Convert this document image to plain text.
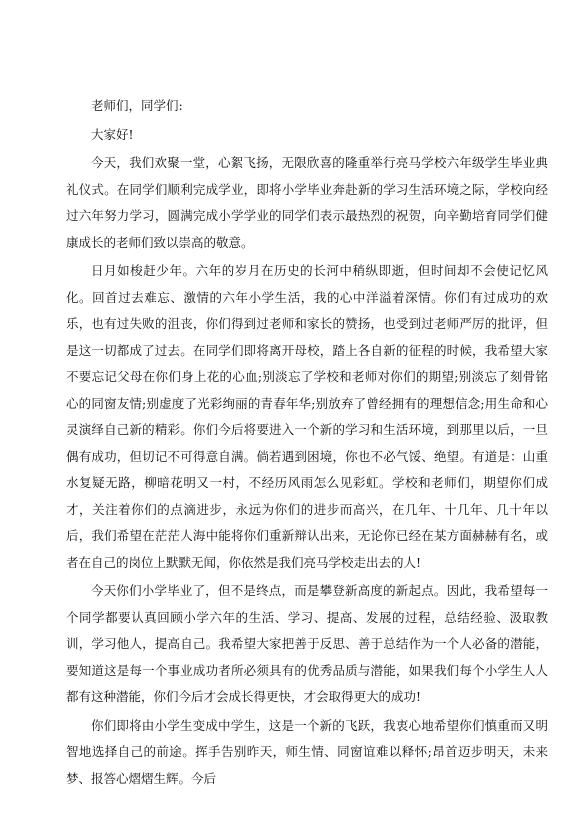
老师们，同学们:

大家好!

今天，我们欢聚一堂，心絮飞扬，无限欣喜的隆重举行亮马学校六年级学生毕业典礼仪式。在同学们顺利完成学业，即将小学毕业奔赴新的学习生活环境之际，学校向经过六年努力学习，圆满完成小学学业的同学们表示最热烈的祝贺，向辛勤培育同学们健康成长的老师们致以崇高的敬意。

日月如梭赶少年。六年的岁月在历史的长河中稍纵即逝，但时间却不会使记忆风化。回首过去难忘、激情的六年小学生活，我的心中洋溢着深情。你们有过成功的欢乐，也有过失败的沮丧，你们得到过老师和家长的赞扬，也受到过老师严厉的批评，但是这一切都成了过去。在同学们即将离开母校，踏上各自新的征程的时候，我希望大家不要忘记父母在你们身上花的心血;别淡忘了学校和老师对你们的期望;别淡忘了刻骨铭心的同窗友情;别虚度了光彩绚丽的青春年华;别放弃了曾经拥有的理想信念;用生命和心灵演绎自己新的精彩。你们今后将要进入一个新的学习和生活环境，到那里以后，一旦偶有成功，但切记不可得意自满。倘若遇到困境，你也不必气馁、绝望。有道是：山重水复疑无路，柳暗花明又一村，不经历风雨怎么见彩虹。学校和老师们，期望你们成才，关注着你们的点滴进步，永远为你们的进步而高兴，在几年、十几年、几十年以后，我们希望在茫茫人海中能将你们重新辩认出来，无论你已经在某方面赫赫有名，或者在自己的岗位上默默无闻，你依然是我们亮马学校走出去的人!

今天你们小学毕业了，但不是终点，而是攀登新高度的新起点。因此，我希望每一个同学都要认真回顾小学六年的生活、学习、提高、发展的过程，总结经验、汲取教训，学习他人，提高自己。我希望大家把善于反思、善于总结作为一个人必备的潜能，要知道这是每一个事业成功者所必须具有的优秀品质与潜能，如果我们每个小学生人人都有这种潜能，你们今后才会成长得更快，才会取得更大的成功!

你们即将由小学生变成中学生，这是一个新的飞跃，我衷心地希望你们慎重而又明智地选择自己的前途。挥手告别昨天，师生情、同窗谊难以释怀;昂首迈步明天，未来梦、报答心熠熠生辉。今后
